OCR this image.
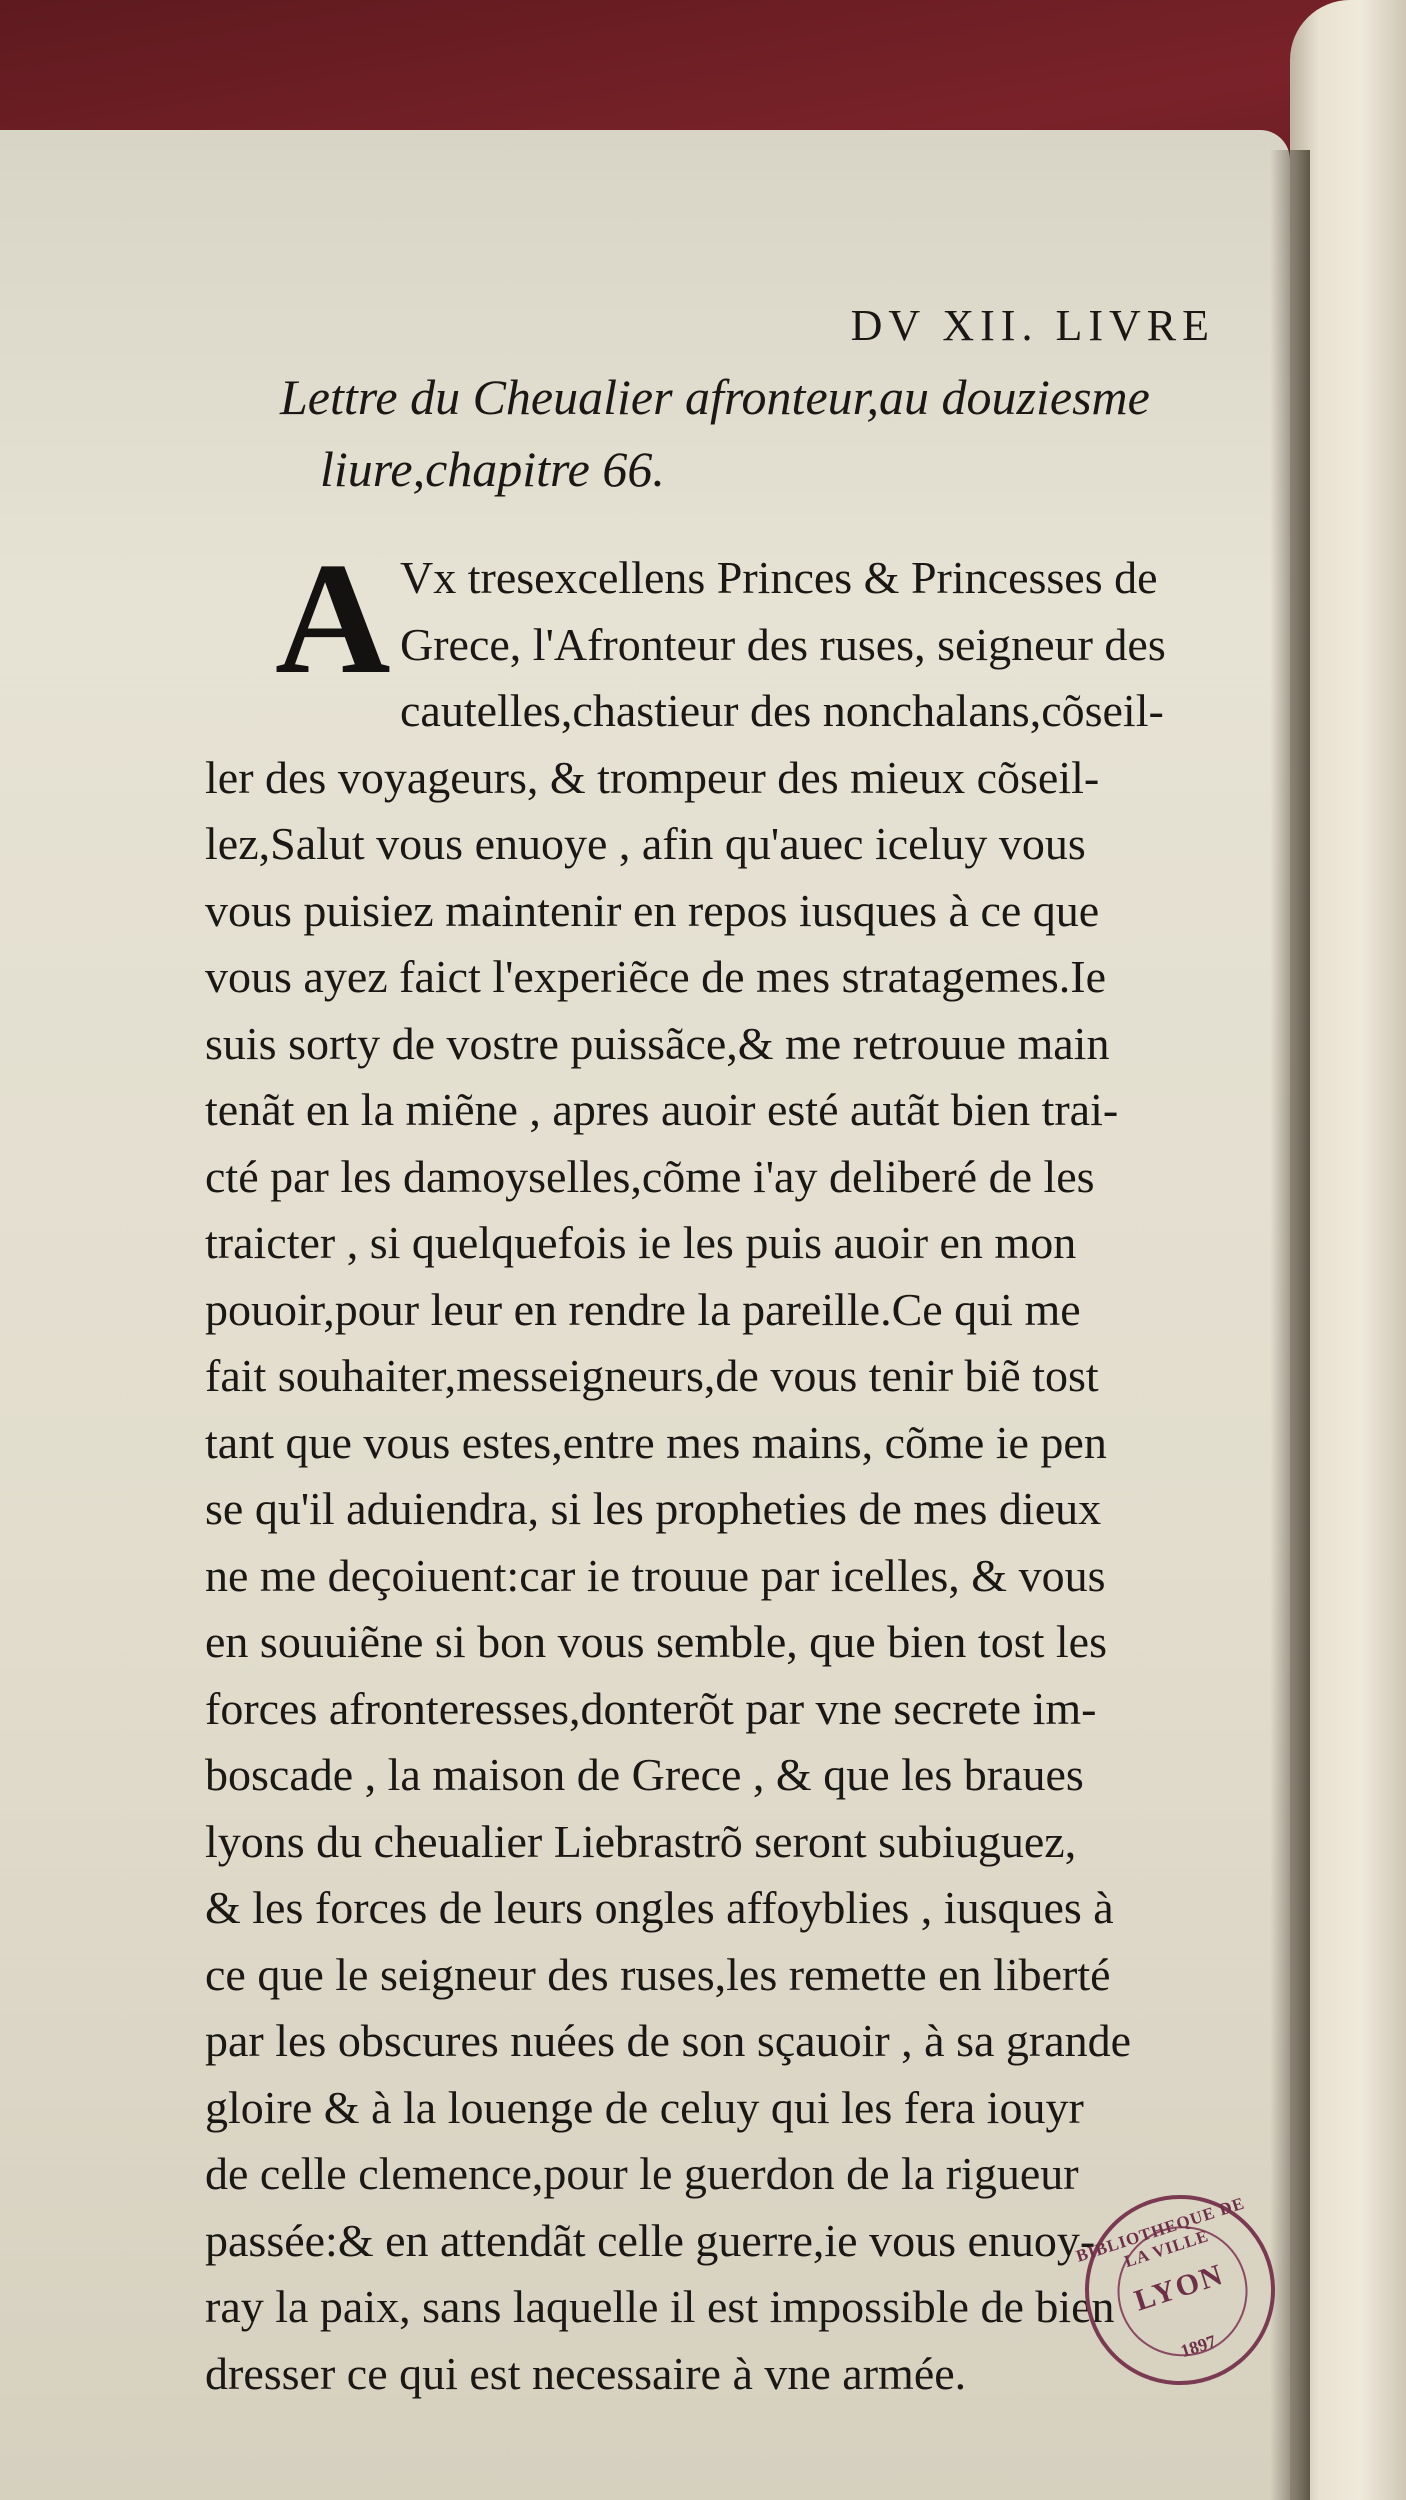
DV XII. LIVRE
Lettre du Cheualier afronteur,au douziesme
liure,chapitre 66.
A Vx tresexcellens Princes & Princesses de
Grece, l'Afronteur des ruses, seigneur des
cautelles,chastieur des nonchalans,cõseil-
ler des voyageurs, & trompeur des mieux cõseil-
lez,Salut vous enuoye , afin qu'auec iceluy vous
vous puisiez maintenir en repos iusques à ce que
vous ayez faict l'experiẽce de mes stratagemes.Ie
suis sorty de vostre puissãce,& me retrouue main
tenãt en la miẽne , apres auoir esté autãt bien trai-
cté par les damoyselles,cõme i'ay deliberé de les
traicter , si quelquefois ie les puis auoir en mon
pouoir,pour leur en rendre la pareille.Ce qui me
fait souhaiter,messeigneurs,de vous tenir biẽ tost
tant que vous estes,entre mes mains, cõme ie pen
se qu'il aduiendra, si les propheties de mes dieux
ne me deçoiuent:car ie trouue par icelles, & vous
en souuiẽne si bon vous semble, que bien tost les
forces afronteresses,donterõt par vne secrete im-
boscade , la maison de Grece , & que les braues
lyons du cheualier Liebrastrõ seront subiuguez,
& les forces de leurs ongles affoyblies , iusques à
ce que le seigneur des ruses,les remette en liberté
par les obscures nuées de son sçauoir , à sa grande
gloire & à la louenge de celuy qui les fera iouyr
de celle clemence,pour le guerdon de la rigueur
passée:& en attendãt celle guerre,ie vous enuoy-
ray la paix, sans laquelle il est impossible de bien
dresser ce qui est necessaire à vne armée.
BIBLIOTHEQUE DE LA VILLE
LYON
1897
